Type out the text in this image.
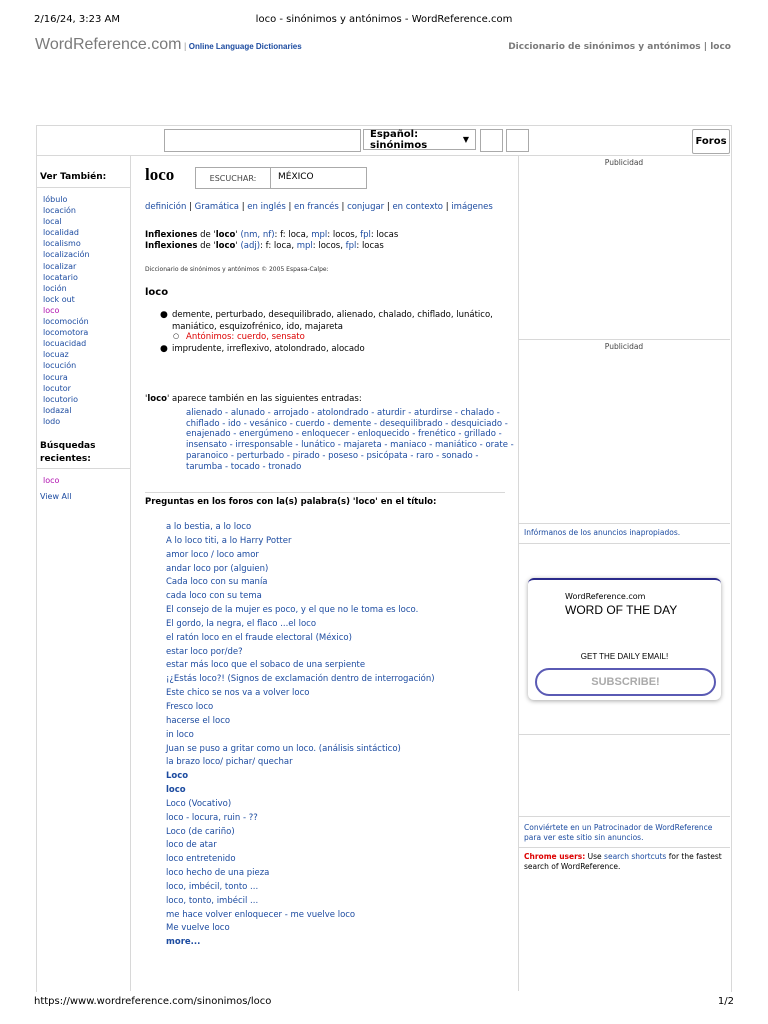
2/16/24, 3:23 AM	loco - sinónimos y antónimos - WordReference.com
https://www.wordreference.com/sinonimos/loco	1/2
WordReference.com | Online Language Dictionaries	Diccionario de sinónimos y antónimos | loco
Español: sinónimos	▼	Foros
Ver También:
lóbulo
locación
local
localidad
localismo
localización
localizar
locatario
loción
lock out
loco
locomoción
locomotora
locuacidad
locuaz
locución
locura
locutor
locutorio
lodazal
lodo
Búsquedas recientes:
loco
View All
loco	ESCUCHAR:	MÉXICO
definición | Gramática | en inglés | en francés | conjugar | en contexto | imágenes
Inflexiones de 'loco' (nm, nf): f: loca, mpl: locos, fpl: locas
Inflexiones de 'loco' (adj): f: loca, mpl: locos, fpl: locas
Diccionario de sinónimos y antónimos © 2005 Espasa-Calpe:
loco
● demente, perturbado, desequilibrado, alienado, chalado, chiflado, lunático, maniático, esquizofrénico, ido, majareta
○ Antónimos: cuerdo, sensato
● imprudente, irreflexivo, atolondrado, alocado
'loco' aparece también en las siguientes entradas:
alienado - alunado - arrojado - atolondrado - aturdir - aturdirse - chalado - chiflado - ido - vesánico - cuerdo - demente - desequilibrado - desquiciado - enajenado - energúmeno - enloquecer - enloquecido - frenético - grillado - insensato - irresponsable - lunático - majareta - maniaco - maniático - orate - paranoico - perturbado - pirado - poseso - psicópata - raro - sonado - tarumba - tocado - tronado
Preguntas en los foros con la(s) palabra(s) 'loco' en el título:
a lo bestia, a lo loco
A lo loco titi, a lo Harry Potter
amor loco / loco amor
andar loco por (alguien)
Cada loco con su manía
cada loco con su tema
El consejo de la mujer es poco, y el que no le toma es loco.
El gordo, la negra, el flaco ...el loco
el ratón loco en el fraude electoral (México)
estar loco por/de?
estar más loco que el sobaco de una serpiente
¡¿Estás loco?! (Signos de exclamación dentro de interrogación)
Este chico se nos va a volver loco
Fresco loco
hacerse el loco
in loco
Juan se puso a gritar como un loco. (análisis sintáctico)
la brazo loco/ pichar/ quechar
Loco
loco
Loco (Vocativo)
loco - locura, ruin - ??
Loco (de cariño)
loco de atar
loco entretenido
loco hecho de una pieza
loco, imbécil, tonto ...
loco, tonto, imbécil ...
me hace volver enloquecer - me vuelve loco
Me vuelve loco
more...
Publicidad
Publicidad
Infórmanos de los anuncios inapropiados.
WordReference.com
WORD OF THE DAY
GET THE DAILY EMAIL!
SUBSCRIBE!
Conviértete en un Patrocinador de WordReference para ver este sitio sin anuncios.
Chrome users: Use search shortcuts for the fastest search of WordReference.
